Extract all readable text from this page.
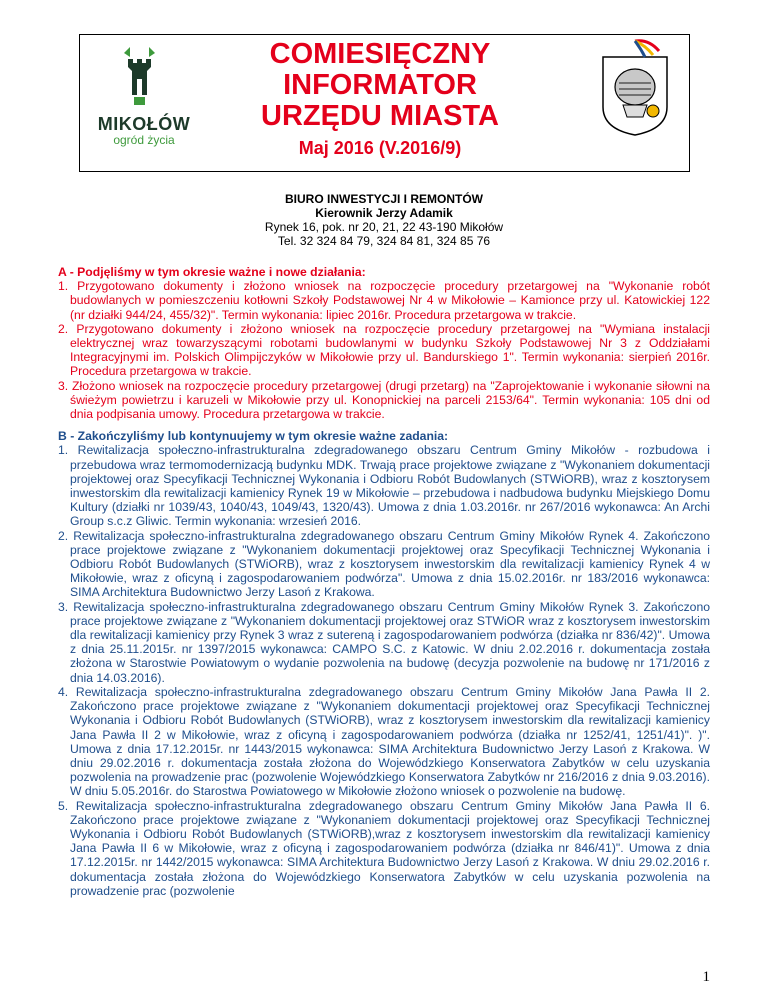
MIKOŁÓW
ogród życia
COMIESIĘCZNY
INFORMATOR
URZĘDU MIASTA
Maj 2016 (V.2016/9)
BIURO INWESTYCJI I REMONTÓW
Kierownik Jerzy Adamik
Rynek 16, pok. nr 20, 21, 22 43-190 Mikołów
Tel. 32 324 84 79, 324 84 81, 324 85 76
A - Podjęliśmy w tym okresie ważne i nowe działania:
1. Przygotowano dokumenty i złożono wniosek na rozpoczęcie procedury przetargowej na "Wykonanie robót budowlanych w pomieszczeniu kotłowni Szkoły Podstawowej Nr 4 w Mikołowie – Kamionce przy ul. Katowickiej 122 (nr działki 944/24, 455/32)". Termin wykonania: lipiec 2016r. Procedura przetargowa w trakcie.
2. Przygotowano dokumenty i złożono wniosek na rozpoczęcie procedury przetargowej na "Wymiana instalacji elektrycznej wraz towarzyszącymi robotami budowlanymi w budynku Szkoły Podstawowej Nr 3 z Oddziałami Integracyjnymi im. Polskich Olimpijczyków w Mikołowie przy ul. Bandurskiego 1". Termin wykonania: sierpień 2016r. Procedura przetargowa w trakcie.
3. Złożono wniosek na rozpoczęcie procedury przetargowej (drugi przetarg) na "Zaprojektowanie i wykonanie siłowni na świeżym powietrzu i karuzeli w Mikołowie przy ul. Konopnickiej na parceli 2153/64". Termin wykonania: 105 dni od dnia podpisania umowy. Procedura przetargowa w trakcie.
B - Zakończyliśmy lub kontynuujemy w tym okresie ważne zadania:
1. Rewitalizacja społeczno-infrastrukturalna zdegradowanego obszaru Centrum Gminy Mikołów - rozbudowa i przebudowa wraz termomodernizacją budynku MDK. Trwają prace projektowe związane z "Wykonaniem dokumentacji projektowej oraz Specyfikacji Technicznej Wykonania i Odbioru Robót Budowlanych (STWiORB), wraz z kosztorysem inwestorskim dla rewitalizacji kamienicy Rynek 19 w Mikołowie – przebudowa i nadbudowa budynku Miejskiego Domu Kultury (działki nr 1039/43, 1040/43, 1049/43, 1320/43). Umowa z dnia 1.03.2016r. nr 267/2016 wykonawca: An Archi Group s.c.z Gliwic. Termin wykonania: wrzesień 2016.
2. Rewitalizacja społeczno-infrastrukturalna zdegradowanego obszaru Centrum Gminy Mikołów Rynek 4. Zakończono prace projektowe związane z "Wykonaniem dokumentacji projektowej oraz Specyfikacji Technicznej Wykonania i Odbioru Robót Budowlanych (STWiORB), wraz z kosztorysem inwestorskim dla rewitalizacji kamienicy Rynek 4 w Mikołowie, wraz z oficyną i zagospodarowaniem podwórza". Umowa z dnia 15.02.2016r. nr 183/2016 wykonawca: SIMA Architektura Budownictwo Jerzy Lasoń z Krakowa.
3. Rewitalizacja społeczno-infrastrukturalna zdegradowanego obszaru Centrum Gminy Mikołów Rynek 3. Zakończono prace projektowe związane z "Wykonaniem dokumentacji projektowej oraz STWiOR wraz z kosztorysem inwestorskim dla rewitalizacji kamienicy przy Rynek 3 wraz z sutereną i zagospodarowaniem podwórza (działka nr 836/42)". Umowa z dnia 25.11.2015r. nr 1397/2015 wykonawca: CAMPO S.C. z Katowic. W dniu 2.02.2016 r. dokumentacja została złożona w Starostwie Powiatowym o wydanie pozwolenia na budowę (decyzja pozwolenie na budowę nr 171/2016 z dnia 14.03.2016).
4. Rewitalizacja społeczno-infrastrukturalna zdegradowanego obszaru Centrum Gminy Mikołów Jana Pawła II 2. Zakończono prace projektowe związane z "Wykonaniem dokumentacji projektowej oraz Specyfikacji Technicznej Wykonania i Odbioru Robót Budowlanych (STWiORB), wraz z kosztorysem inwestorskim dla rewitalizacji kamienicy Jana Pawła II 2 w Mikołowie, wraz z oficyną i zagospodarowaniem podwórza (działka nr 1252/41, 1251/41)". )". Umowa z dnia 17.12.2015r. nr 1443/2015 wykonawca: SIMA Architektura Budownictwo Jerzy Lasoń z Krakowa. W dniu 29.02.2016 r. dokumentacja została złożona do Wojewódzkiego Konserwatora Zabytków w celu uzyskania pozwolenia na prowadzenie prac (pozwolenie Wojewódzkiego Konserwatora Zabytków nr 216/2016 z dnia 9.03.2016). W dniu 5.05.2016r. do Starostwa Powiatowego w Mikołowie złożono wniosek o pozwolenie na budowę.
5. Rewitalizacja społeczno-infrastrukturalna zdegradowanego obszaru Centrum Gminy Mikołów Jana Pawła II 6. Zakończono prace projektowe związane z "Wykonaniem dokumentacji projektowej oraz Specyfikacji Technicznej Wykonania i Odbioru Robót Budowlanych (STWiORB),wraz z kosztorysem inwestorskim dla rewitalizacji kamienicy Jana Pawła II 6 w Mikołowie, wraz z oficyną i zagospodarowaniem podwórza (działka nr 846/41)". Umowa z dnia 17.12.2015r. nr 1442/2015 wykonawca: SIMA Architektura Budownictwo Jerzy Lasoń z Krakowa. W dniu 29.02.2016 r. dokumentacja została złożona do Wojewódzkiego Konserwatora Zabytków w celu uzyskania pozwolenia na prowadzenie prac (pozwolenie
1
